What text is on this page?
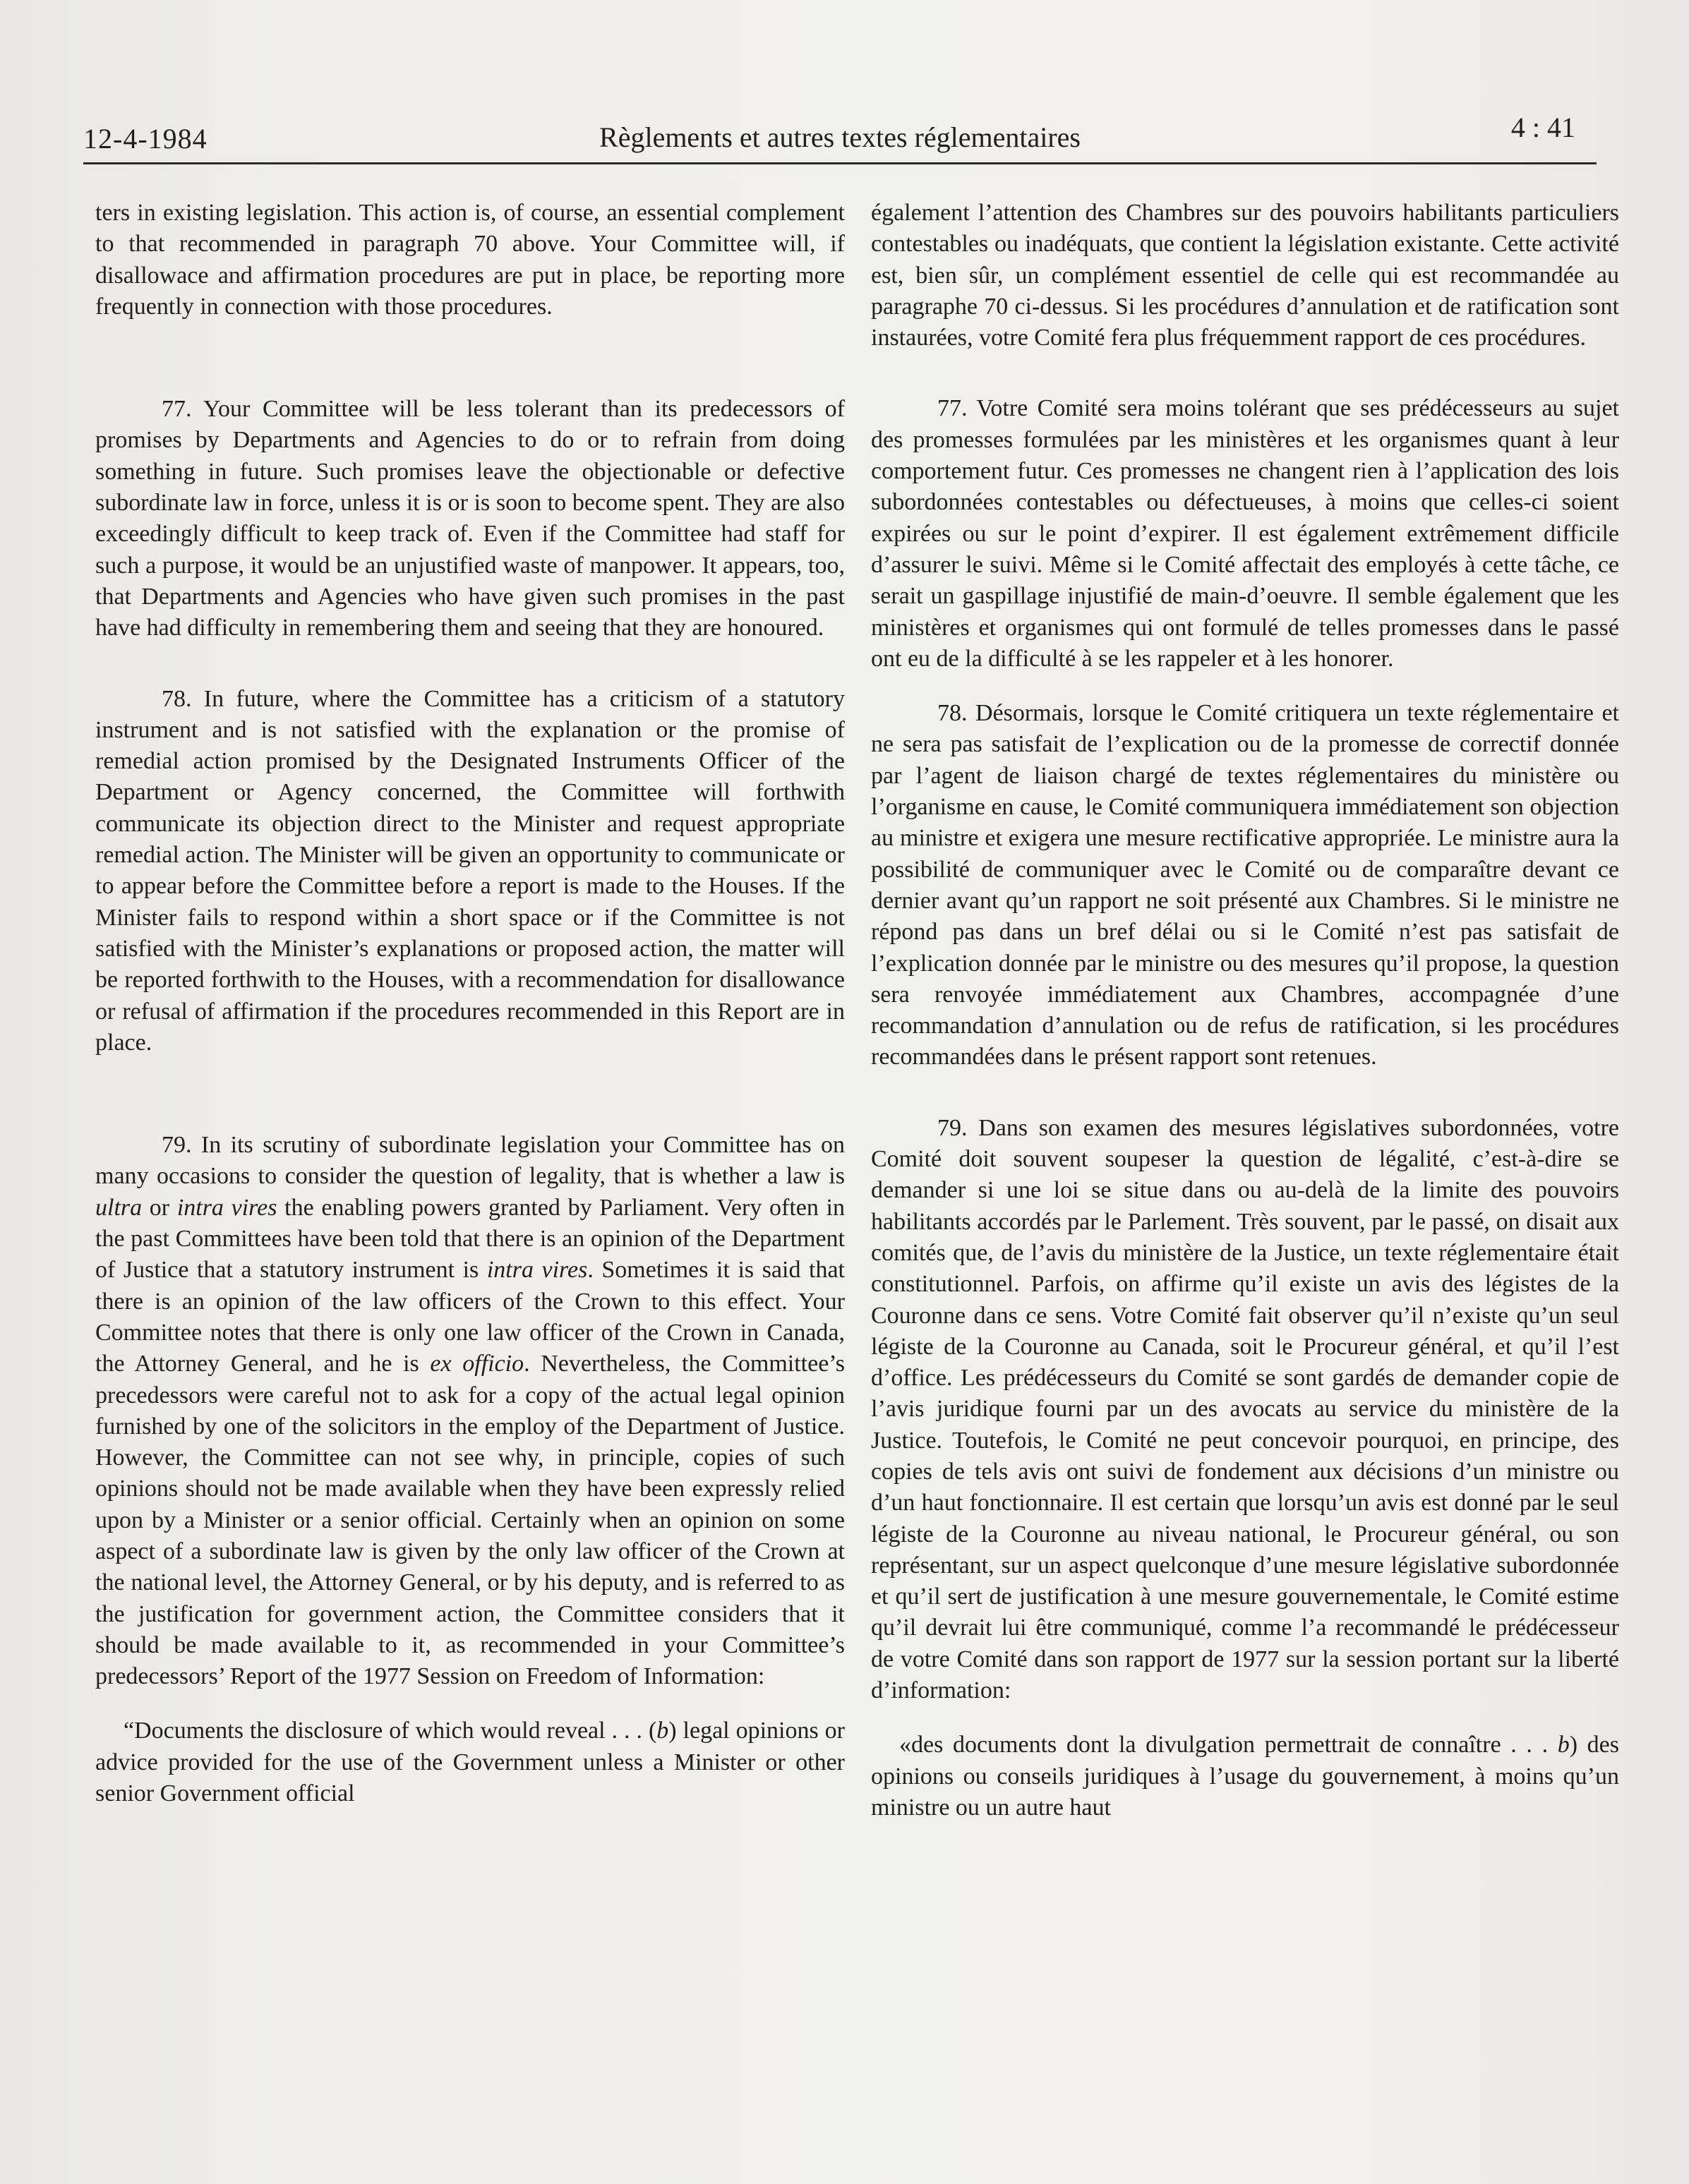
12-4-1984	Règlements et autres textes réglementaires	4 : 41

ters in existing legislation. This action is, of course, an essential complement to that recommended in paragraph 70 above. Your Committee will, if disallowace and affirmation procedures are put in place, be reporting more frequently in connection with those procedures.

77. Your Committee will be less tolerant than its predecessors of promises by Departments and Agencies to do or to refrain from doing something in future. Such promises leave the objectionable or defective subordinate law in force, unless it is or is soon to become spent. They are also exceedingly difficult to keep track of. Even if the Committee had staff for such a purpose, it would be an unjustified waste of manpower. It appears, too, that Departments and Agencies who have given such promises in the past have had difficulty in remembering them and seeing that they are honoured.

78. In future, where the Committee has a criticism of a statutory instrument and is not satisfied with the explanation or the promise of remedial action promised by the Designated Instruments Officer of the Department or Agency concerned, the Committee will forthwith communicate its objection direct to the Minister and request appropriate remedial action. The Minister will be given an opportunity to communicate or to appear before the Committee before a report is made to the Houses. If the Minister fails to respond within a short space or if the Committee is not satisfied with the Minister’s explanations or proposed action, the matter will be reported forthwith to the Houses, with a recommendation for disallowance or refusal of affirmation if the procedures recommended in this Report are in place.

79. In its scrutiny of subordinate legislation your Committee has on many occasions to consider the question of legality, that is whether a law is ultra or intra vires the enabling powers granted by Parliament. Very often in the past Committees have been told that there is an opinion of the Department of Justice that a statutory instrument is intra vires. Sometimes it is said that there is an opinion of the law officers of the Crown to this effect. Your Committee notes that there is only one law officer of the Crown in Canada, the Attorney General, and he is ex officio. Nevertheless, the Committee’s precedessors were careful not to ask for a copy of the actual legal opinion furnished by one of the solicitors in the employ of the Department of Justice. However, the Committee can not see why, in principle, copies of such opinions should not be made available when they have been expressly relied upon by a Minister or a senior official. Certainly when an opinion on some aspect of a subordinate law is given by the only law officer of the Crown at the national level, the Attorney General, or by his deputy, and is referred to as the justification for government action, the Committee considers that it should be made available to it, as recommended in your Committee’s predecessors’ Report of the 1977 Session on Freedom of Information:

“Documents the disclosure of which would reveal . . . (b) legal opinions or advice provided for the use of the Government unless a Minister or other senior Government official

également l’attention des Chambres sur des pouvoirs habilitants particuliers contestables ou inadéquats, que contient la législation existante. Cette activité est, bien sûr, un complément essentiel de celle qui est recommandée au paragraphe 70 ci-dessus. Si les procédures d’annulation et de ratification sont instaurées, votre Comité fera plus fréquemment rapport de ces procédures.

77. Votre Comité sera moins tolérant que ses prédécesseurs au sujet des promesses formulées par les ministères et les organismes quant à leur comportement futur. Ces promesses ne changent rien à l’application des lois subordonnées contestables ou défectueuses, à moins que celles-ci soient expirées ou sur le point d’expirer. Il est également extrêmement difficile d’assurer le suivi. Même si le Comité affectait des employés à cette tâche, ce serait un gaspillage injustifié de main-d’oeuvre. Il semble également que les ministères et organismes qui ont formulé de telles promesses dans le passé ont eu de la difficulté à se les rappeler et à les honorer.

78. Désormais, lorsque le Comité critiquera un texte réglementaire et ne sera pas satisfait de l’explication ou de la promesse de correctif donnée par l’agent de liaison chargé de textes réglementaires du ministère ou l’organisme en cause, le Comité communiquera immédiatement son objection au ministre et exigera une mesure rectificative appropriée. Le ministre aura la possibilité de communiquer avec le Comité ou de comparaître devant ce dernier avant qu’un rapport ne soit présenté aux Chambres. Si le ministre ne répond pas dans un bref délai ou si le Comité n’est pas satisfait de l’explication donnée par le ministre ou des mesures qu’il propose, la question sera renvoyée immédiatement aux Chambres, accompagnée d’une recommandation d’annulation ou de refus de ratification, si les procédures recommandées dans le présent rapport sont retenues.

79. Dans son examen des mesures législatives subordonnées, votre Comité doit souvent soupeser la question de légalité, c’est-à-dire se demander si une loi se situe dans ou au-delà de la limite des pouvoirs habilitants accordés par le Parlement. Très souvent, par le passé, on disait aux comités que, de l’avis du ministère de la Justice, un texte réglementaire était constitutionnel. Parfois, on affirme qu’il existe un avis des légistes de la Couronne dans ce sens. Votre Comité fait observer qu’il n’existe qu’un seul légiste de la Couronne au Canada, soit le Procureur général, et qu’il l’est d’office. Les prédécesseurs du Comité se sont gardés de demander copie de l’avis juridique fourni par un des avocats au service du ministère de la Justice. Toutefois, le Comité ne peut concevoir pourquoi, en principe, des copies de tels avis ont suivi de fondement aux décisions d’un ministre ou d’un haut fonctionnaire. Il est certain que lorsqu’un avis est donné par le seul légiste de la Couronne au niveau national, le Procureur général, ou son représentant, sur un aspect quelconque d’une mesure législative subordonnée et qu’il sert de justification à une mesure gouvernementale, le Comité estime qu’il devrait lui être communiqué, comme l’a recommandé le prédécesseur de votre Comité dans son rapport de 1977 sur la session portant sur la liberté d’information:

«des documents dont la divulgation permettrait de connaître . . . b) des opinions ou conseils juridiques à l’usage du gouvernement, à moins qu’un ministre ou un autre haut
